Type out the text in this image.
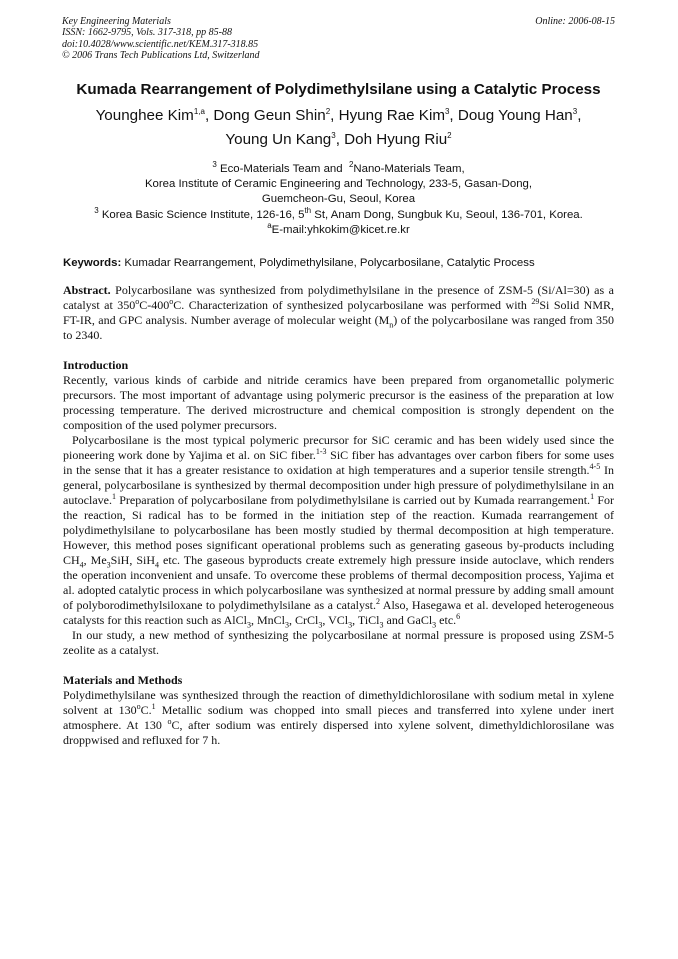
Key Engineering Materials
ISSN: 1662-9795, Vols. 317-318, pp 85-88
doi:10.4028/www.scientific.net/KEM.317-318.85
© 2006 Trans Tech Publications Ltd, Switzerland
Online: 2006-08-15
Kumada Rearrangement of Polydimethylsilane using a Catalytic Process
Younghee Kim$^{1,a}$, Dong Geun Shin$^2$, Hyung Rae Kim$^3$, Doug Young Han$^3$,
Young Un Kang$^3$, Doh Hyung Riu$^2$
$^3$ Eco-Materials Team and $^2$Nano-Materials Team,
Korea Institute of Ceramic Engineering and Technology, 233-5, Gasan-Dong,
Guemcheon-Gu, Seoul, Korea
$^3$ Korea Basic Science Institute, 126-16, 5th St, Anam Dong, Sungbuk Ku, Seoul, 136-701, Korea.
$^a$E-mail:yhkokim@kicet.re.kr
Keywords: Kumadar Rearrangement, Polydimethylsilane, Polycarbosilane, Catalytic Process

Abstract. Polycarbosilane was synthesized from polydimethylsilane in the presence of ZSM-5 (Si/Al=30) as a catalyst at 350$^o$C-400$^o$C. Characterization of synthesized polycarbosilane was performed with $^{29}$Si Solid NMR, FT-IR, and GPC analysis. Number average of molecular weight $(M_n)$ of the polycarbosilane was ranged from 350 to 2340.

Introduction

Recently, various kinds of carbide and nitride ceramics have been prepared from organometallic polymeric precursors. The most important of advantage using polymeric precursor is the easiness of the preparation at low processing temperature. The derived microstructure and chemical composition is strongly dependent on the composition of the used polymer precursors.

Polycarbosilane is the most typical polymeric precursor for SiC ceramic and has been widely used since the pioneering work done by Yajima et al. on SiC fiber.$^{1-3}$ SiC fiber has advantages over carbon fibers for some uses in the sense that it has a greater resistance to oxidation at high temperatures and a superior tensile strength.$^{4-5}$ In general, polycarbosilane is synthesized by thermal decomposition under high pressure of polydimethylsilane in an autoclave.$^1$ Preparation of polycarbosilane from polydimethylsilane is carried out by Kumada rearrangement.$^1$ For the reaction, Si radical has to be formed in the initiation step of the reaction. Kumada rearrangement of polydimethylsilane to polycarbosilane has been mostly studied by thermal decomposition at high temperature. However, this method poses significant operational problems such as generating gaseous by-products including $CH_4$, $Me_3SiH$, SiH$_4$ etc. The gaseous byproducts create extremely high pressure inside autoclave, which renders the operation inconvenient and unsafe. To overcome these problems of thermal decomposition process, Yajima et al. adopted catalytic process in which polycarbosilane was synthesized at normal pressure by adding small amount of polyborodimethylsiloxane to polydimethylsilane as a catalyst.$^2$ Also, Hasegawa et al. developed heterogeneous catalysts for this reaction such as AlCl$_3$, MnCl$_3$, CrCl$_3$, VCl$_3$, TiCl$_3$ and GaCl$_3$ etc.$^6$

In our study, a new method of synthesizing the polycarbosilane at normal pressure is proposed using ZSM-5 zeolite as a catalyst.

Materials and Methods

Polydimethylsilane was synthesized through the reaction of dimethyldichlorosilane with sodium metal in xylene solvent at 130$^o$C.$^1$ Metallic sodium was chopped into small pieces and transferred into xylene under inert atmosphere. At 130 $^o$C, after sodium was entirely dispersed into xylene solvent, dimethyldichlorosilane was droppwised and refluxed for 7 h.
